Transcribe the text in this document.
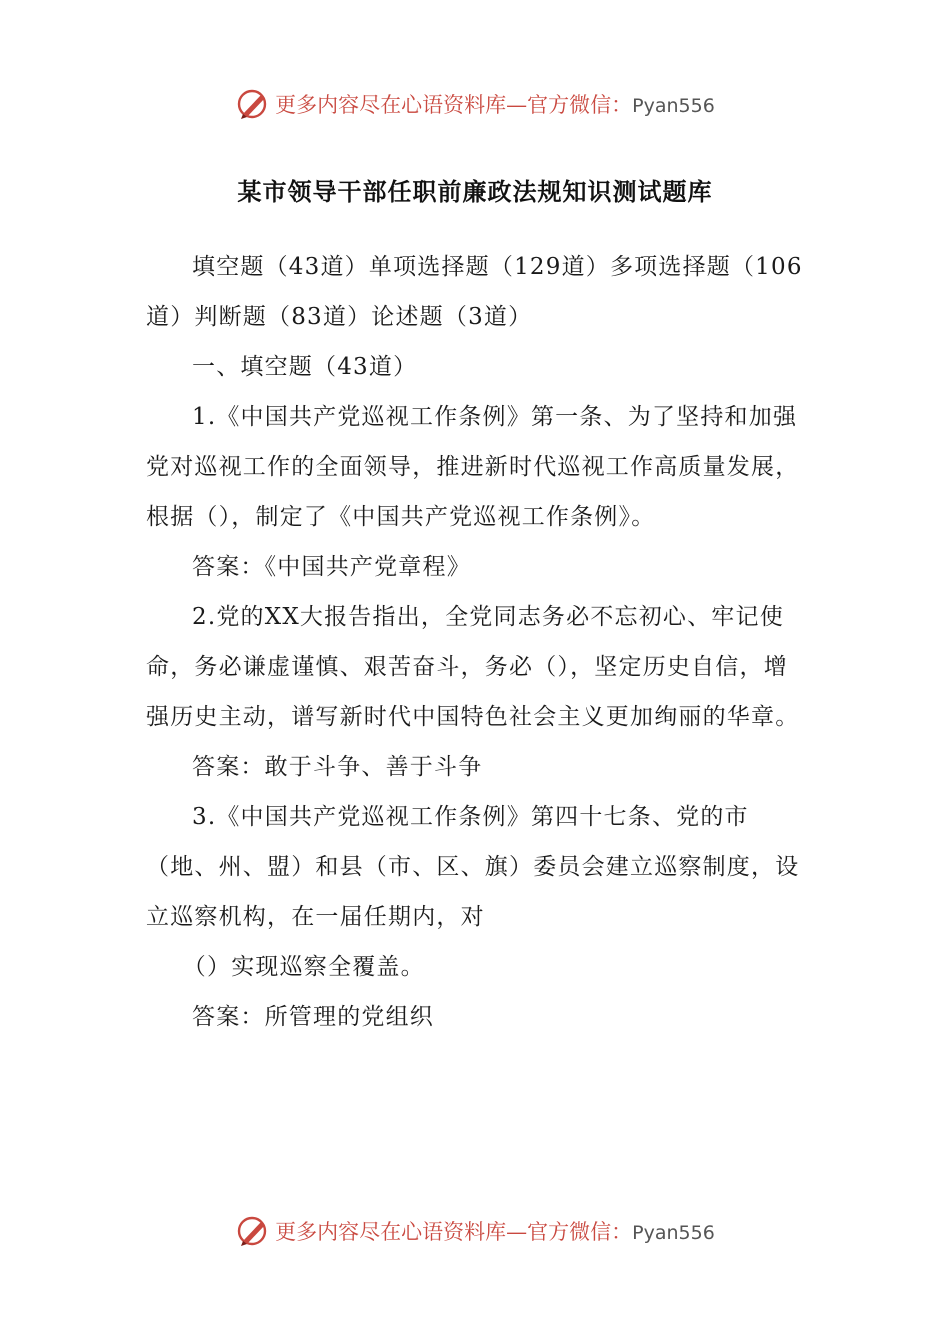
更多内容尽在心语资料库—官方微信：Pyan556
某市领导干部任职前廉政法规知识测试题库

填空题（43道）单项选择题（129道）多项选择题（106道）判断题（83道）论述题（3道）

一、填空题（43道）

1.《中国共产党巡视工作条例》第一条、为了坚持和加强党对巡视工作的全面领导，推进新时代巡视工作高质量发展，根据（），制定了《中国共产党巡视工作条例》。

答案：《中国共产党章程》

2.党的XX大报告指出，全党同志务必不忘初心、牢记使命，务必谦虚谨慎、艰苦奋斗，务必（），坚定历史自信，增强历史主动，谱写新时代中国特色社会主义更加绚丽的华章。

答案：敢于斗争、善于斗争

3.《中国共产党巡视工作条例》第四十七条、党的市（地、州、盟）和县（市、区、旗）委员会建立巡察制度，设立巡察机构，在一届任期内，对

（）实现巡察全覆盖。

答案：所管理的党组织

更多内容尽在心语资料库—官方微信：Pyan556
